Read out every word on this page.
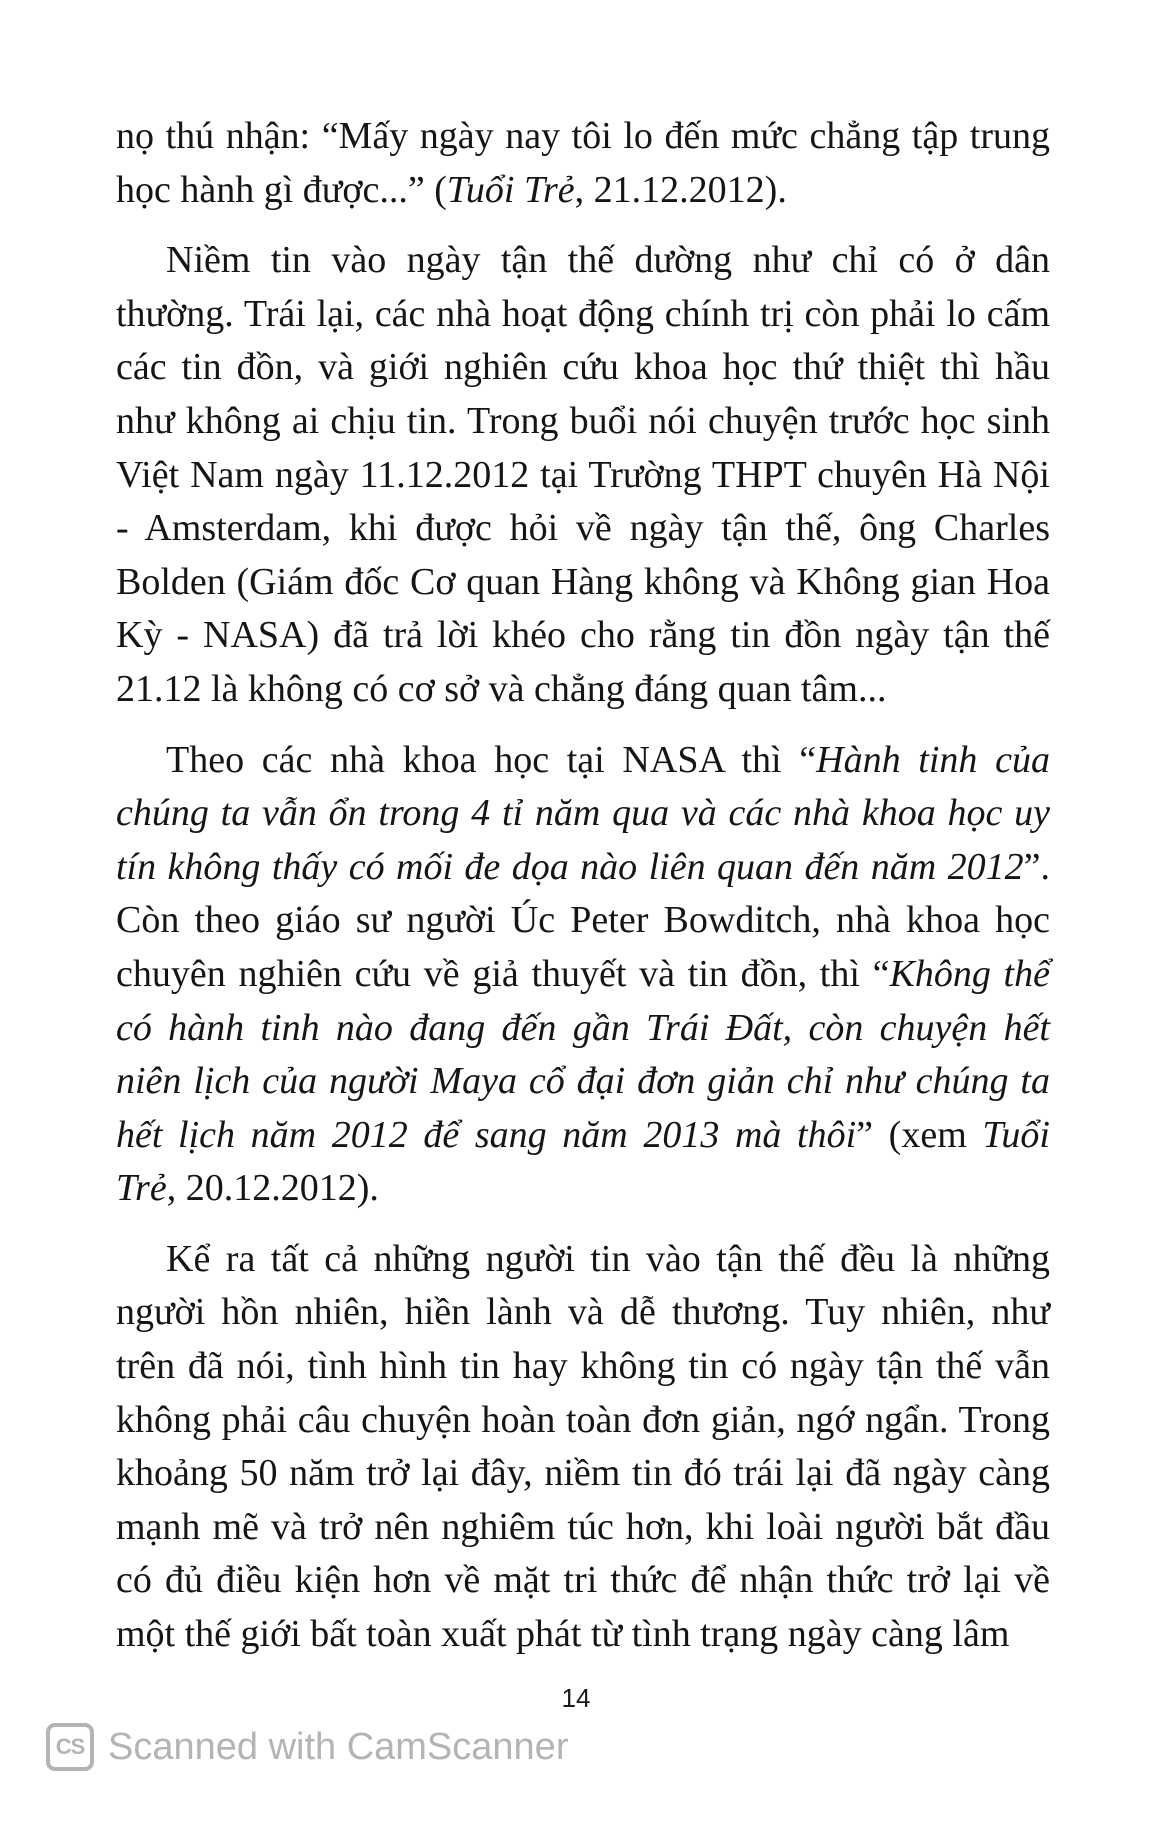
nọ thú nhận: “Mấy ngày nay tôi lo đến mức chẳng tập trung học hành gì được...” (Tuổi Trẻ, 21.12.2012).

Niềm tin vào ngày tận thế dường như chỉ có ở dân thường. Trái lại, các nhà hoạt động chính trị còn phải lo cấm các tin đồn, và giới nghiên cứu khoa học thứ thiệt thì hầu như không ai chịu tin. Trong buổi nói chuyện trước học sinh Việt Nam ngày 11.12.2012 tại Trường THPT chuyên Hà Nội - Amsterdam, khi được hỏi về ngày tận thế, ông Charles Bolden (Giám đốc Cơ quan Hàng không và Không gian Hoa Kỳ - NASA) đã trả lời khéo cho rằng tin đồn ngày tận thế 21.12 là không có cơ sở và chẳng đáng quan tâm...

Theo các nhà khoa học tại NASA thì “Hành tinh của chúng ta vẫn ổn trong 4 tỉ năm qua và các nhà khoa học uy tín không thấy có mối đe dọa nào liên quan đến năm 2012”. Còn theo giáo sư người Úc Peter Bowditch, nhà khoa học chuyên nghiên cứu về giả thuyết và tin đồn, thì “Không thể có hành tinh nào đang đến gần Trái Đất, còn chuyện hết niên lịch của người Maya cổ đại đơn giản chỉ như chúng ta hết lịch năm 2012 để sang năm 2013 mà thôi” (xem Tuổi Trẻ, 20.12.2012).

Kể ra tất cả những người tin vào tận thế đều là những người hồn nhiên, hiền lành và dễ thương. Tuy nhiên, như trên đã nói, tình hình tin hay không tin có ngày tận thế vẫn không phải câu chuyện hoàn toàn đơn giản, ngớ ngẩn. Trong khoảng 50 năm trở lại đây, niềm tin đó trái lại đã ngày càng mạnh mẽ và trở nên nghiêm túc hơn, khi loài người bắt đầu có đủ điều kiện hơn về mặt tri thức để nhận thức trở lại về một thế giới bất toàn xuất phát từ tình trạng ngày càng lâm

14
CS Scanned with CamScanner
